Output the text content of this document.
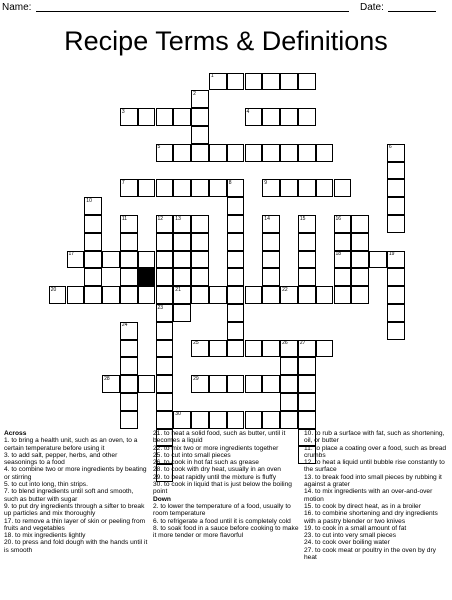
Name:	Date:
Recipe Terms & Definitions
1
2
3	4
5	6
7	8	9
10
11	12 13	14	15	16
17	18	19
20	21	22
23
24
25	26 27
28	29
30
Across
1. to bring a health unit, such as an oven, to a certain temperature before using it
3. to add salt, pepper, herbs, and other seasonings to a food
4. to combine two or more ingredients by beating or stirring
5. to cut into long, thin strips.
7. to blend ingredients until soft and smooth, such as butter with sugar
9. to put dry ingredients through a sifter to break up particles and mix thoroughly
17. to remove a thin layer of skin or peeling from fruits and vegetables
18. to mix ingredients lightly
20. to press and fold dough with the hands until it is smooth
21. to heat a solid food, such as butter, until it becomes a liquid
22. to mix two or more ingredients together
25. to cut into small pieces
26. to cook in hot fat such as grease
28. to cook with dry heat, usually in an oven
29. to beat rapidly until the mixture is fluffy
30. to cook in liquid that is just below the boiling point
Down
2. to lower the temperature of a food, usually to room temperature
6. to refrigerate a food until it is completely cold
8. to soak food in a sauce before cooking to make it more tender or more flavorful
10. to rub a surface with fat, such as shortening, oil, or butter
11. to place a coating over a food, such as bread crumbs
12. to heat a liquid until bubble rise constantly to the surface
13. to break food into small pieces by rubbing it against a grater
14. to mix ingredients with an over-and-over motion
15. to cook by direct heat, as in a broiler
16. to combine shortening and dry ingredients with a pastry blender or two knives
19. to cook in a small amount of fat
23. to cut into very small pieces
24. to cook over boiling water
27. to cook meat or poultry in the oven by dry heat
